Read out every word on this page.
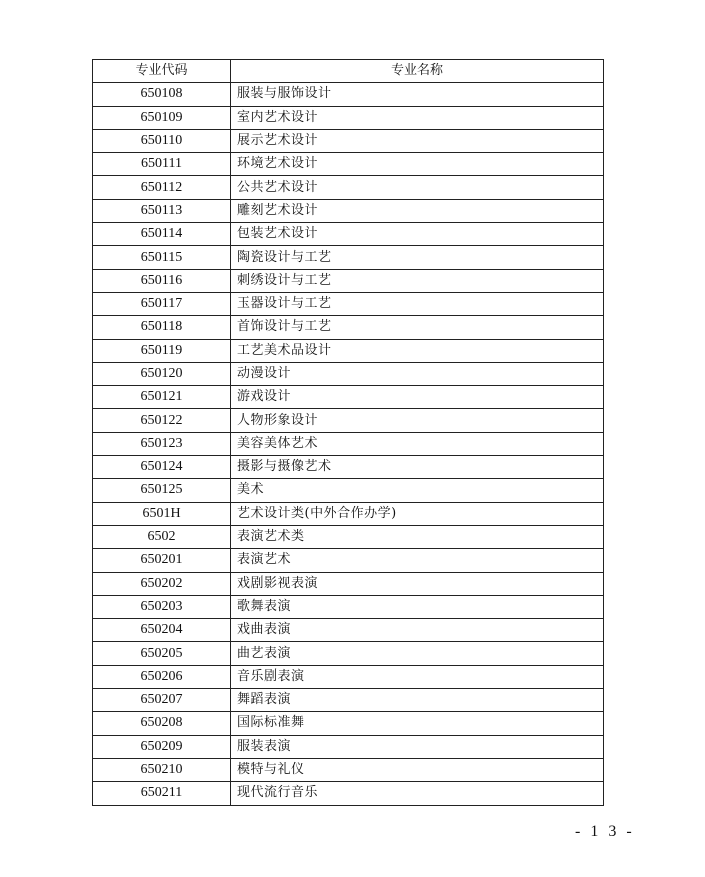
专业代码	专业名称
650108	服装与服饰设计
650109	室内艺术设计
650110	展示艺术设计
650111	环境艺术设计
650112	公共艺术设计
650113	雕刻艺术设计
650114	包装艺术设计
650115	陶瓷设计与工艺
650116	刺绣设计与工艺
650117	玉器设计与工艺
650118	首饰设计与工艺
650119	工艺美术品设计
650120	动漫设计
650121	游戏设计
650122	人物形象设计
650123	美容美体艺术
650124	摄影与摄像艺术
650125	美术
6501H	艺术设计类(中外合作办学)
6502	表演艺术类
650201	表演艺术
650202	戏剧影视表演
650203	歌舞表演
650204	戏曲表演
650205	曲艺表演
650206	音乐剧表演
650207	舞蹈表演
650208	国际标准舞
650209	服装表演
650210	模特与礼仪
650211	现代流行音乐
- 1 3 -
